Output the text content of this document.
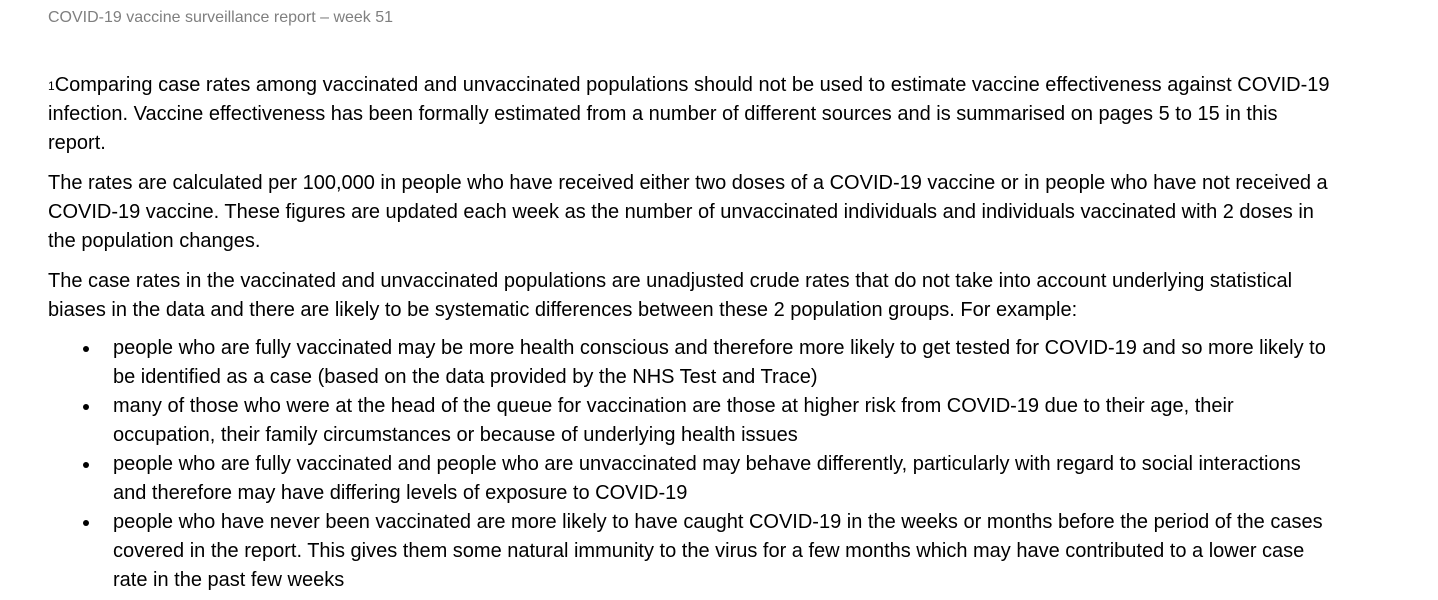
COVID-19 vaccine surveillance report – week 51

$^1$Comparing case rates among vaccinated and unvaccinated populations should not be used to estimate vaccine effectiveness against COVID-19 infection. Vaccine effectiveness has been formally estimated from a number of different sources and is summarised on pages 5 to 15 in this report.

The rates are calculated per 100,000 in people who have received either two doses of a COVID-19 vaccine or in people who have not received a COVID-19 vaccine. These figures are updated each week as the number of unvaccinated individuals and individuals vaccinated with 2 doses in the population changes.

The case rates in the vaccinated and unvaccinated populations are unadjusted crude rates that do not take into account underlying statistical biases in the data and there are likely to be systematic differences between these 2 population groups. For example:

people who are fully vaccinated may be more health conscious and therefore more likely to get tested for COVID-19 and so more likely to be identified as a case (based on the data provided by the NHS Test and Trace)
many of those who were at the head of the queue for vaccination are those at higher risk from COVID-19 due to their age, their occupation, their family circumstances or because of underlying health issues
people who are fully vaccinated and people who are unvaccinated may behave differently, particularly with regard to social interactions and therefore may have differing levels of exposure to COVID-19
people who have never been vaccinated are more likely to have caught COVID-19 in the weeks or months before the period of the cases covered in the report. This gives them some natural immunity to the virus for a few months which may have contributed to a lower case rate in the past few weeks
